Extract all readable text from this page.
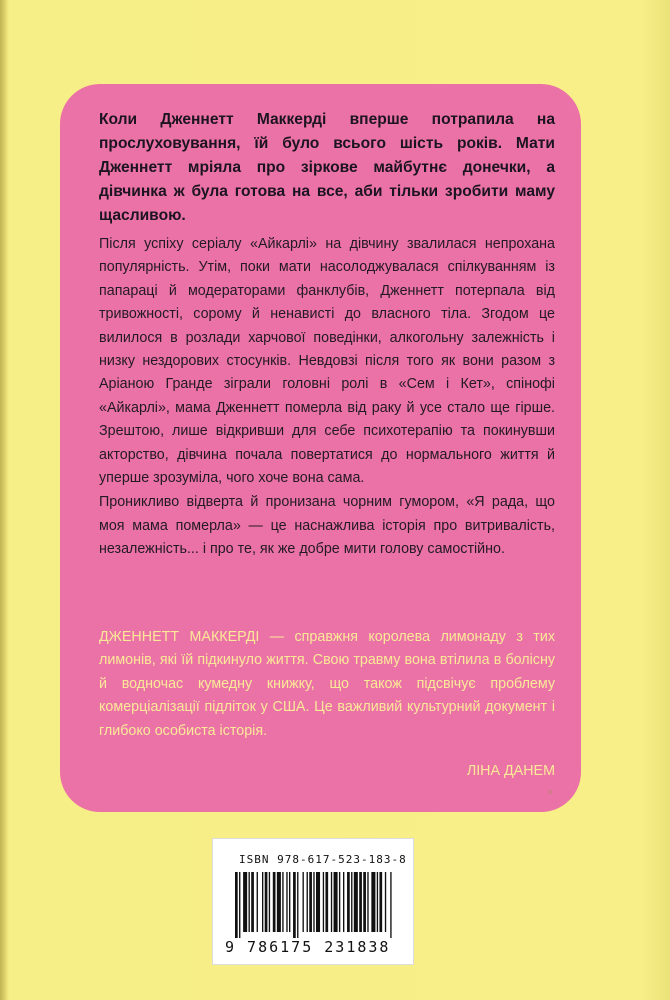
Коли Дженнетт Маккерді вперше потрапила на прослуховування, їй було всього шість років. Мати Дженнетт мріяла про зіркове майбутнє донечки, а дівчинка ж була готова на все, аби тільки зробити маму щасливою.

Після успіху серіалу «Айкарлі» на дівчину звалилася непрохана популярність. Утім, поки мати насолоджувалася спілкуванням із папараці й модераторами фанклубів, Дженнетт потерпала від тривожності, сорому й ненависті до власного тіла. Згодом це вилилося в розлади харчової поведінки, алкогольну залежність і низку нездорових стосунків. Невдовзі після того як вони разом з Аріаною Гранде зіграли головні ролі в «Сем і Кет», спінофі «Айкарлі», мама Дженнетт померла від раку й усе стало ще гірше. Зрештою, лише відкривши для себе психотерапію та покинувши акторство, дівчина почала повертатися до нормального життя й уперше зрозуміла, чого хоче вона сама.

Проникливо відверта й пронизана чорним гумором, «Я рада, що моя мама померла» — це наснажлива історія про витривалість, незалежність... і про те, як же добре мити голову самостійно.

ДЖЕННЕТТ МАККЕРДІ — справжня королева лимонаду з тих лимонів, які їй підкинуло життя. Свою травму вона втілила в болісну й водночас кумедну книжку, що також підсвічує проблему комерціалізації підліток у США. Це важливий культурний документ і глибоко особиста історія.

ЛІНА ДАНЕМ
ISBN 978-617-523-183-8
9 786175 231838
